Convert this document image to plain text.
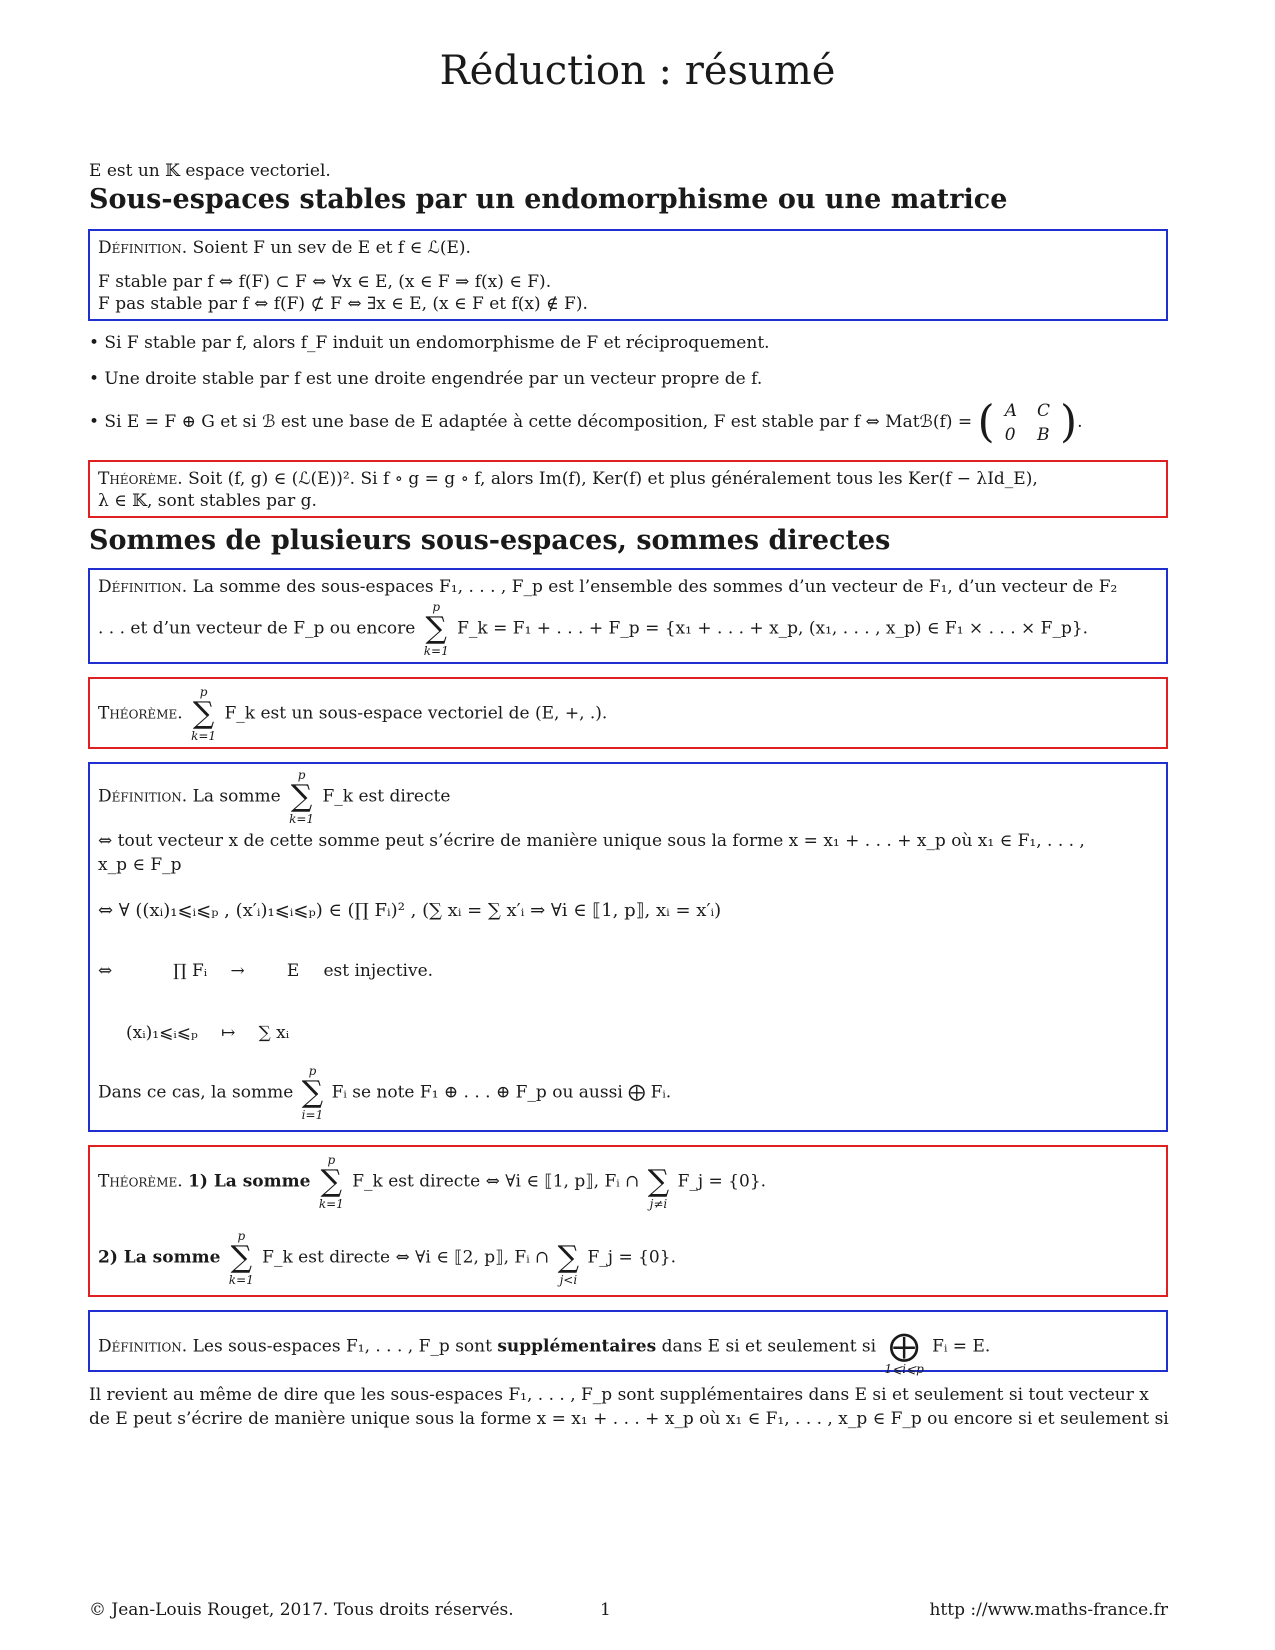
Réduction : résumé
E est un 𝕂 espace vectoriel.
Sous-espaces stables par un endomorphisme ou une matrice
Définition. Soient F un sev de E et f ∈ ℒ(E).
F stable par f ⇔ f(F) ⊂ F ⇔ ∀x ∈ E, (x ∈ F ⇒ f(x) ∈ F).
F pas stable par f ⇔ f(F) ⊄ F ⇔ ∃x ∈ E, (x ∈ F et f(x) ∉ F).
• Si F stable par f, alors f_F induit un endomorphisme de F et réciproquement.
• Une droite stable par f est une droite engendrée par un vecteur propre de f.
• Si E = F ⊕ G et si ℬ est une base de E adaptée à cette décomposition, F est stable par f ⇔ Matℬ(f) = ( A	C
0	B ).
Théorème. Soit (f, g) ∈ (ℒ(E))². Si f ∘ g = g ∘ f, alors Im(f), Ker(f) et plus généralement tous les Ker(f − λId_E),
λ ∈ 𝕂, sont stables par g.
Sommes de plusieurs sous-espaces, sommes directes
Définition. La somme des sous-espaces F₁, . . . , F_p est l’ensemble des sommes d’un vecteur de F₁, d’un vecteur de F₂
. . . et d’un vecteur de F_p ou encore
p
∑
k=1
F_k = F₁ + . . . + F_p = {x₁ + . . . + x_p, (x₁, . . . , x_p) ∈ F₁ × . . . × F_p}.
Théorème.
p
∑
k=1
F_k est un sous-espace vectoriel de (E, +, .).
Définition. La somme
p
∑
k=1
F_k est directe
⇔ tout vecteur x de cette somme peut s’écrire de manière unique sous la forme x = x₁ + . . . + x_p où x₁ ∈ F₁, . . . ,
x_p ∈ F_p
⇔ ∀ ((xᵢ)₁⩽ᵢ⩽ₚ , (x′ᵢ)₁⩽ᵢ⩽ₚ) ∈ (∏ Fᵢ)² , (∑ xᵢ = ∑ x′ᵢ ⇒ ∀i ∈ ⟦1, p⟧, xᵢ = x′ᵢ)
⇔	∏ Fᵢ → E est injective.
(xᵢ)₁⩽ᵢ⩽ₚ ↦ ∑ xᵢ
Dans ce cas, la somme
p
∑
i=1
Fᵢ se note F₁ ⊕ . . . ⊕ F_p ou aussi ⨁ Fᵢ.
Théorème. 1) La somme
p
∑
k=1
F_k est directe ⇔ ∀i ∈ ⟦1, p⟧, Fᵢ ∩
∑
j≠i
F_j = {0}.
2) La somme
p
∑
k=1
F_k est directe ⇔ ∀i ∈ ⟦2, p⟧, Fᵢ ∩
∑
j<i
F_j = {0}.
Définition. Les sous-espaces F₁, . . . , F_p sont supplémentaires dans E si et seulement si
⨁
1⩽i⩽p
Fᵢ = E.
Il revient au même de dire que les sous-espaces F₁, . . . , F_p sont supplémentaires dans E si et seulement si tout vecteur x
de E peut s’écrire de manière unique sous la forme x = x₁ + . . . + x_p où x₁ ∈ F₁, . . . , x_p ∈ F_p ou encore si et seulement si
© Jean-Louis Rouget, 2017. Tous droits réservés.	1	http ://www.maths-france.fr
